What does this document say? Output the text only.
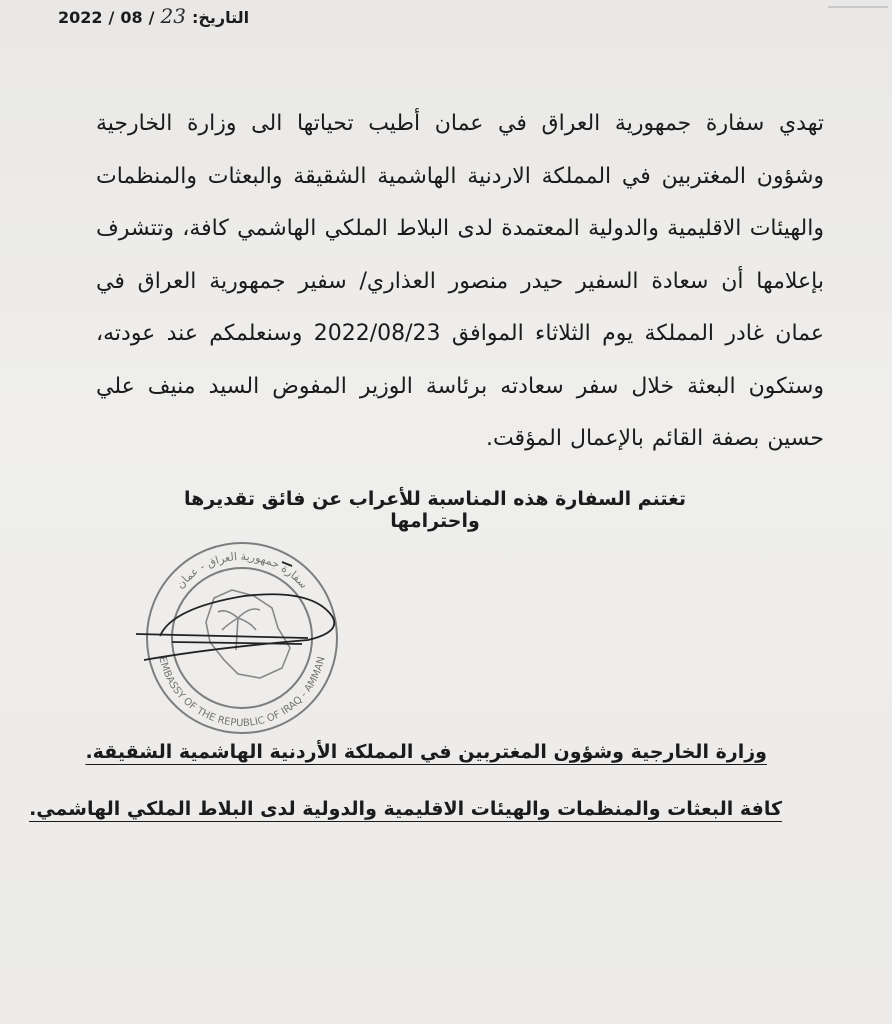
2022 / 08 / 23 التاريخ:

تهدي سفارة جمهورية العراق في عمان أطيب تحياتها الى وزارة الخارجية وشؤون المغتربين في المملكة الاردنية الهاشمية الشقيقة والبعثات والمنظمات والهيئات الاقليمية والدولية المعتمدة لدى البلاط الملكي الهاشمي كافة، وتتشرف بإعلامها أن سعادة السفير حيدر منصور العذاري/ سفير جمهورية العراق في عمان غادر المملكة يوم الثلاثاء الموافق 2022/08/23 وسنعلمكم عند عودته، وستكون البعثة خلال سفر سعادته برئاسة الوزير المفوض السيد منيف علي حسين بصفة القائم بالإعمال المؤقت.

تغتنم السفارة هذه المناسبة للأعراب عن فائق تقديرها واحترامها
سفارة جمهورية العراق - عمان
EMBASSY OF THE REPUBLIC OF IRAQ - AMMAN
وزارة الخارجية وشؤون المغتربين في المملكة الأردنية الهاشمية الشقيقة.
كافة البعثات والمنظمات والهيئات الاقليمية والدولية لدى البلاط الملكي الهاشمي.
